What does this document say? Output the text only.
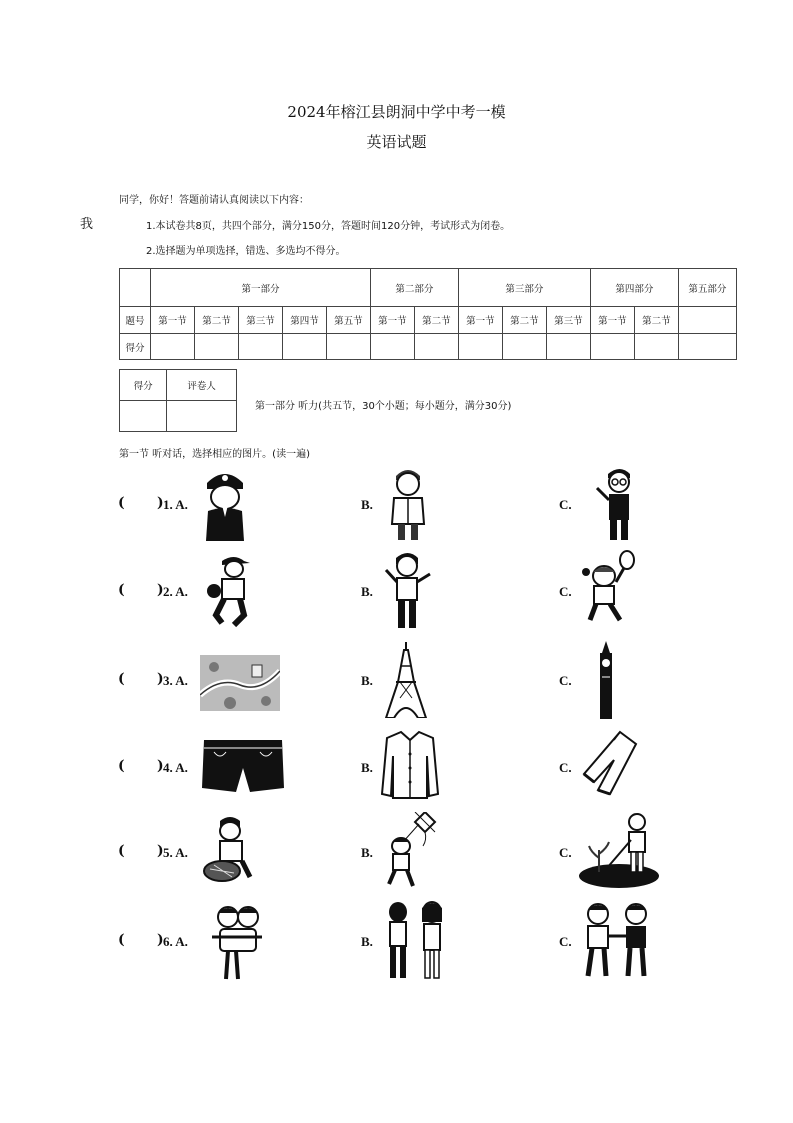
2024年榕江县朗洞中学中考一模
英语试题
同学，你好！答题前请认真阅读以下内容：
我	1.本试卷共8页，共四个部分，满分150分，答题时间120分钟，考试形式为闭卷。
2.选择题为单项选择，错选、多选均不得分。
	第一部分					第二部分		第三部分			第四部分		第五部分
题号	第一节	第二节	第三节	第四节	第五节	第一节	第二节	第一节	第二节	第三节	第一节	第二节	
得分													
得分	评卷人

第一部分 听力(共五节，30个小题；每小题分，满分30分)
第一节 听对话，选择相应的图片。(读一遍)
( ) 1. A.	B.	C.
( ) 2. A.	B.	C.
( ) 3. A.	B.	C.
( ) 4. A.	B.	C.
( ) 5. A.	B.	C.
( ) 6. A.	B.	C.
